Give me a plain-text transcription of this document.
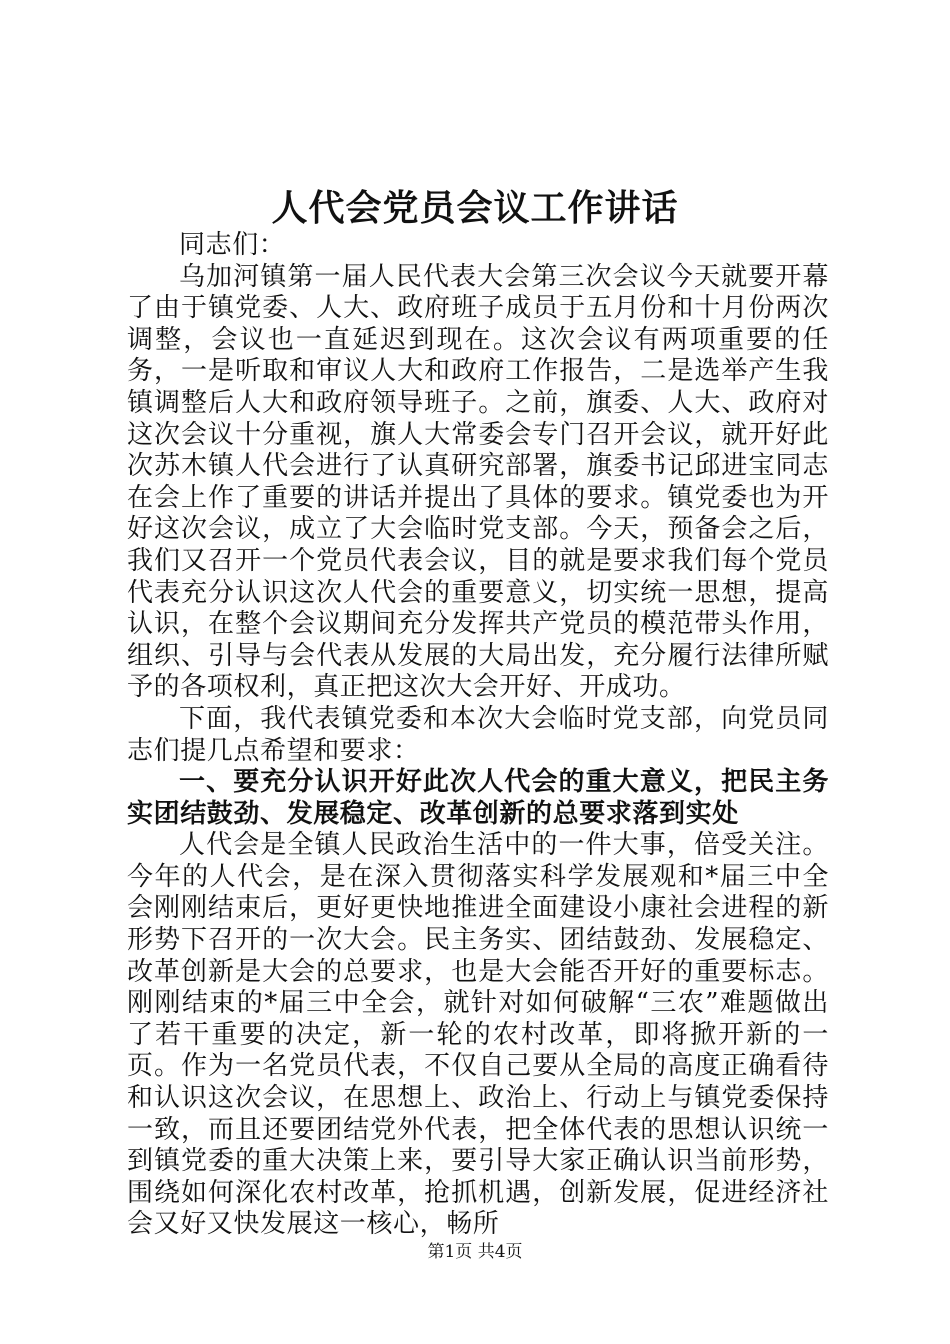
人代会党员会议工作讲话

同志们：

乌加河镇第一届人民代表大会第三次会议今天就要开幕了由于镇党委、人大、政府班子成员于五月份和十月份两次调整，会议也一直延迟到现在。这次会议有两项重要的任务，一是听取和审议人大和政府工作报告，二是选举产生我镇调整后人大和政府领导班子。之前，旗委、人大、政府对这次会议十分重视，旗人大常委会专门召开会议，就开好此次苏木镇人代会进行了认真研究部署，旗委书记邱进宝同志在会上作了重要的讲话并提出了具体的要求。镇党委也为开好这次会议，成立了大会临时党支部。今天，预备会之后，我们又召开一个党员代表会议，目的就是要求我们每个党员代表充分认识这次人代会的重要意义，切实统一思想，提高认识，在整个会议期间充分发挥共产党员的模范带头作用，组织、引导与会代表从发展的大局出发，充分履行法律所赋予的各项权利，真正把这次大会开好、开成功。

下面，我代表镇党委和本次大会临时党支部，向党员同志们提几点希望和要求：

一、要充分认识开好此次人代会的重大意义，把民主务实团结鼓劲、发展稳定、改革创新的总要求落到实处

人代会是全镇人民政治生活中的一件大事，倍受关注。今年的人代会，是在深入贯彻落实科学发展观和*届三中全会刚刚结束后，更好更快地推进全面建设小康社会进程的新形势下召开的一次大会。民主务实、团结鼓劲、发展稳定、改革创新是大会的总要求，也是大会能否开好的重要标志。刚刚结束的*届三中全会，就针对如何破解“三农”难题做出了若干重要的决定，新一轮的农村改革，即将掀开新的一页。作为一名党员代表，不仅自己要从全局的高度正确看待和认识这次会议，在思想上、政治上、行动上与镇党委保持一致，而且还要团结党外代表，把全体代表的思想认识统一到镇党委的重大决策上来，要引导大家正确认识当前形势，围绕如何深化农村改革，抢抓机遇，创新发展，促进经济社会又好又快发展这一核心，畅所

第1页 共4页
